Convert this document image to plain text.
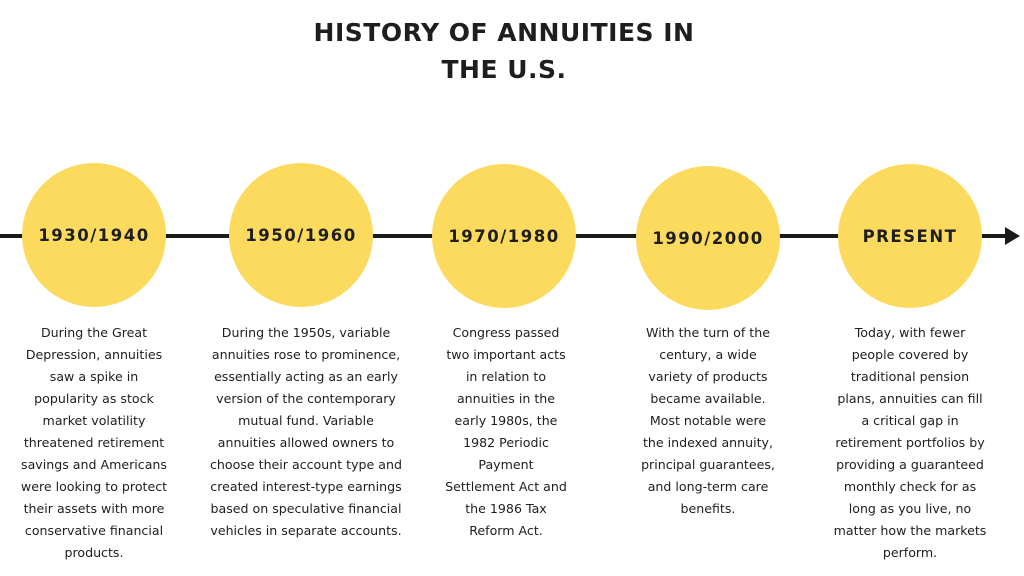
HISTORY OF ANNUITIES IN
THE U.S.
1930/1940
During the Great
Depression, annuities
saw a spike in
popularity as stock
market volatility
threatened retirement
savings and Americans
were looking to protect
their assets with more
conservative financial
products.
1950/1960
During the 1950s, variable
annuities rose to prominence,
essentially acting as an early
version of the contemporary
mutual fund. Variable
annuities allowed owners to
choose their account type and
created interest-type earnings
based on speculative financial
vehicles in separate accounts.
1970/1980
Congress passed
two important acts
in relation to
annuities in the
early 1980s, the
1982 Periodic
Payment
Settlement Act and
the 1986 Tax
Reform Act.
1990/2000
With the turn of the
century, a wide
variety of products
became available.
Most notable were
the indexed annuity,
principal guarantees,
and long-term care
benefits.
PRESENT
Today, with fewer
people covered by
traditional pension
plans, annuities can fill
a critical gap in
retirement portfolios by
providing a guaranteed
monthly check for as
long as you live, no
matter how the markets
perform.
